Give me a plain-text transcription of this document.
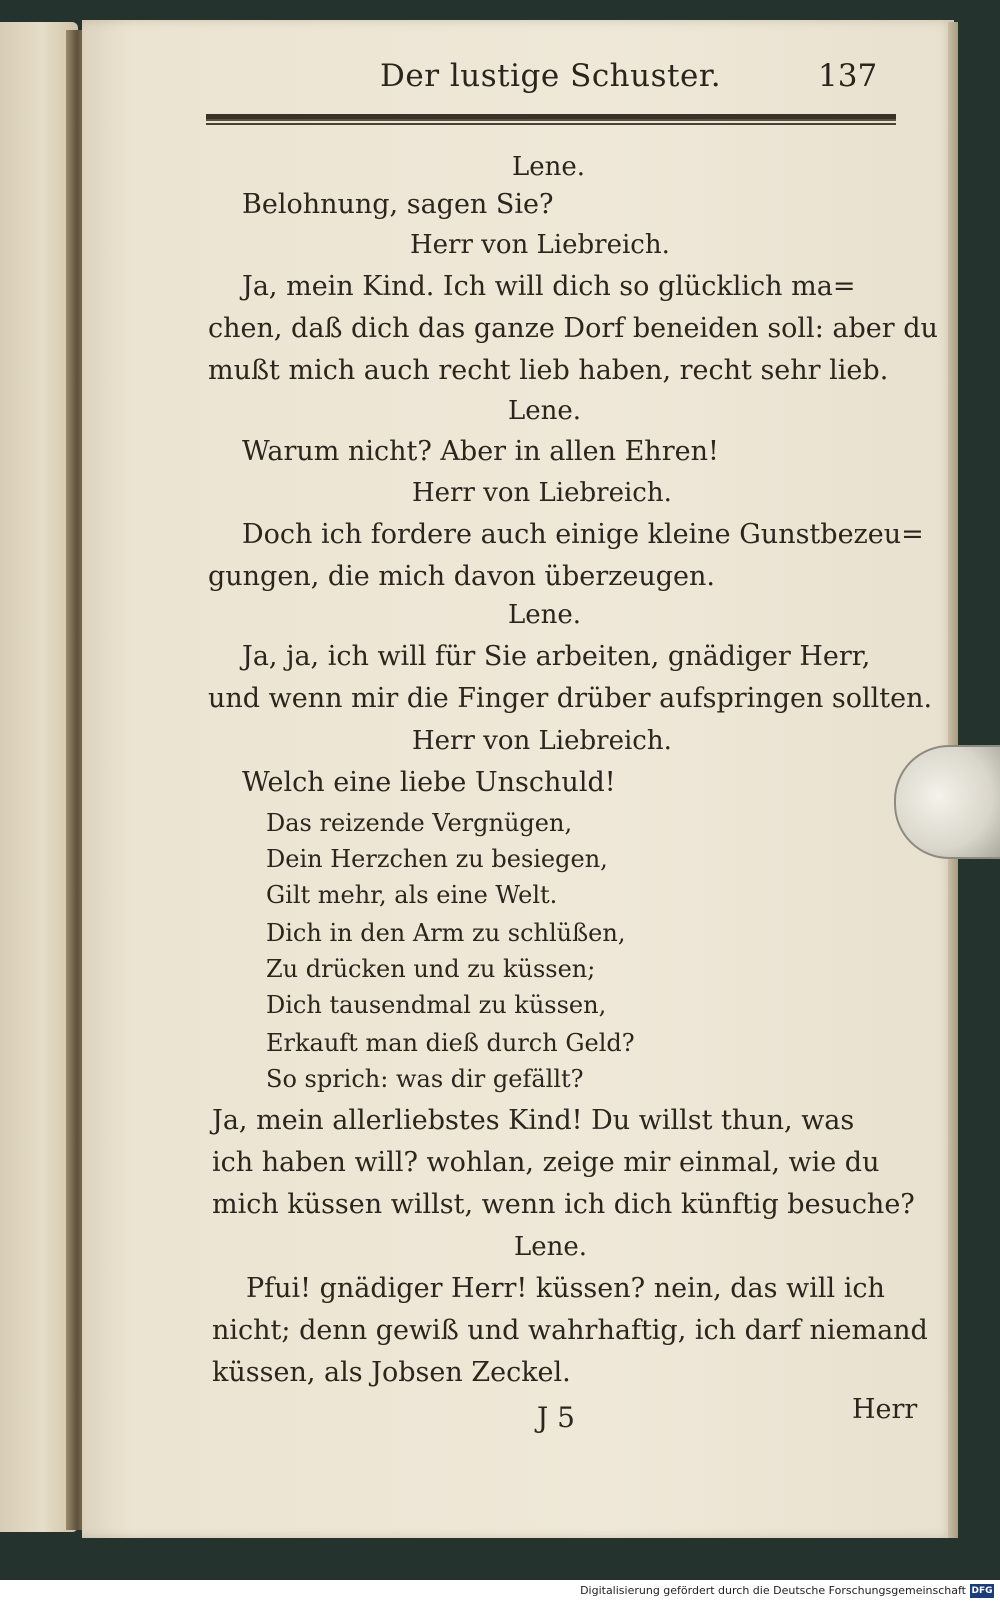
Der lustige Schuster.	137
Lene.
Belohnung, sagen Sie?
Herr von Liebreich.
Ja, mein Kind. Ich will dich so glücklich ma=
chen, daß dich das ganze Dorf beneiden soll: aber du
mußt mich auch recht lieb haben, recht sehr lieb.
Lene.
Warum nicht? Aber in allen Ehren!
Herr von Liebreich.
Doch ich fordere auch einige kleine Gunstbezeu=
gungen, die mich davon überzeugen.
Lene.
Ja, ja, ich will für Sie arbeiten, gnädiger Herr,
und wenn mir die Finger drüber aufspringen sollten.
Herr von Liebreich.
Welch eine liebe Unschuld!
Das reizende Vergnügen,
Dein Herzchen zu besiegen,
Gilt mehr, als eine Welt.
Dich in den Arm zu schlüßen,
Zu drücken und zu küssen;
Dich tausendmal zu küssen,
Erkauft man dieß durch Geld?
So sprich: was dir gefällt?
Ja, mein allerliebstes Kind! Du willst thun, was
ich haben will? wohlan, zeige mir einmal, wie du
mich küssen willst, wenn ich dich künftig besuche?
Lene.
Pfui! gnädiger Herr! küssen? nein, das will ich
nicht; denn gewiß und wahrhaftig, ich darf niemand
küssen, als Jobsen Zeckel.
J 5	Herr
Digitalisierung gefördert durch die Deutsche Forschungsgemeinschaft DFG
